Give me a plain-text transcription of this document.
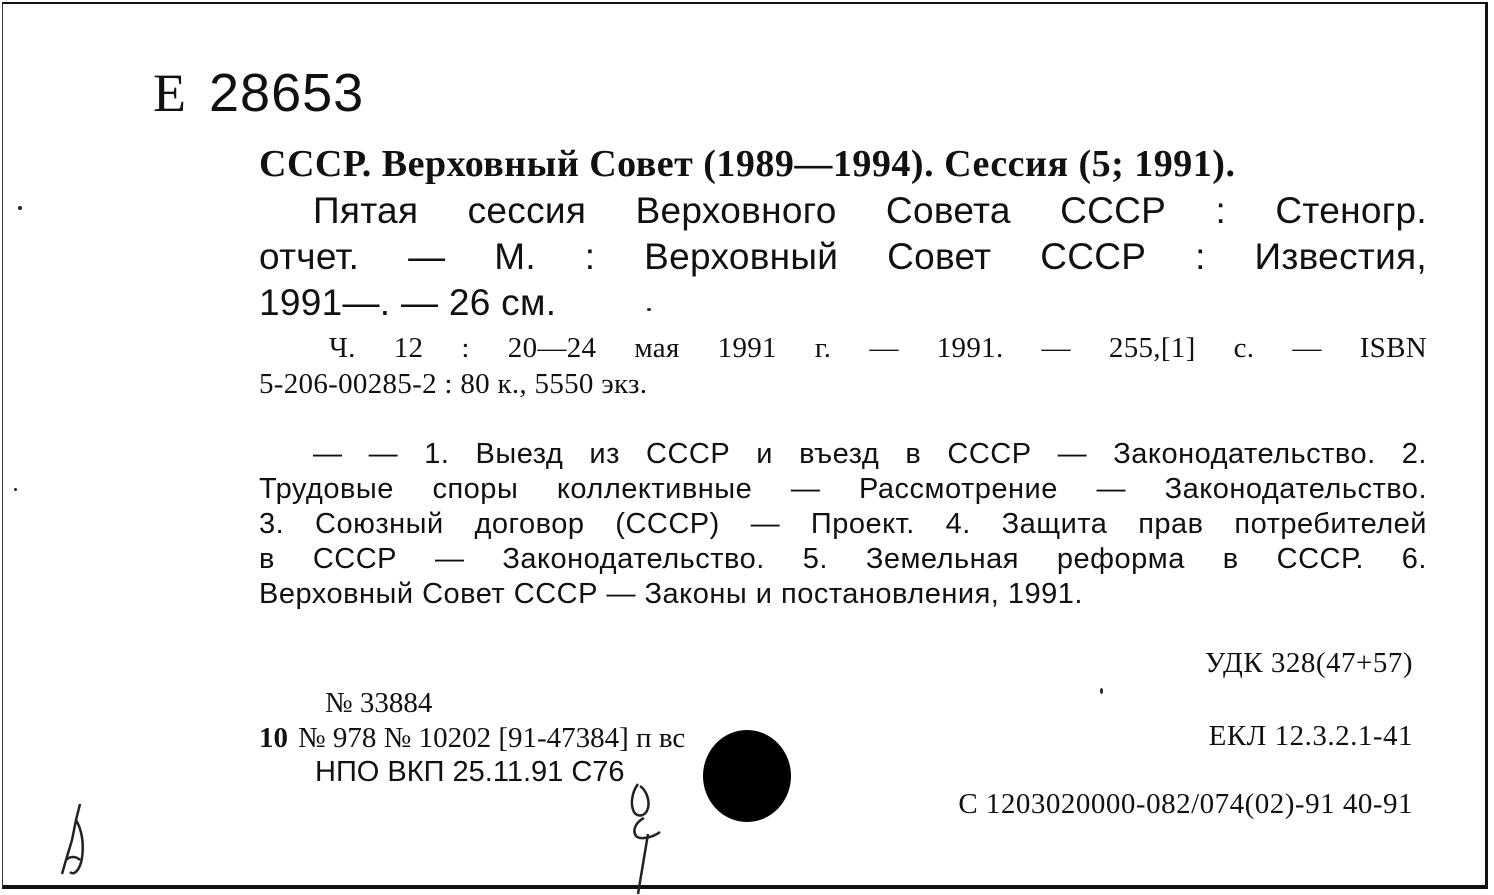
Е 28653
СССР. Верховный Совет (1989—1994). Сессия (5; 1991).
Пятая сессия Верховного Совета СССР : Стеногр.
отчет. — М. : Верховный Совет СССР : Известия,
1991—. — 26 см.
Ч. 12 : 20—24 мая 1991 г. — 1991. — 255,[1] с. — ISBN
5-206-00285-2 : 80 к., 5550 экз.
— — 1. Выезд из СССР и въезд в СССР — Законодательство. 2.
Трудовые споры коллективные — Рассмотрение — Законодательство.
3. Союзный договор (СССР) — Проект. 4. Защита прав потребителей
в СССР — Законодательство. 5. Земельная реформа в СССР. 6.
Верховный Совет СССР — Законы и постановления, 1991.
УДК 328(47+57)
ЕКЛ 12.3.2.1-41
С 1203020000-082/074(02)-91 40-91
№ 33884
10 № 978 № 10202 [91-47384] п вс
НПО ВКП 25.11.91 С76
